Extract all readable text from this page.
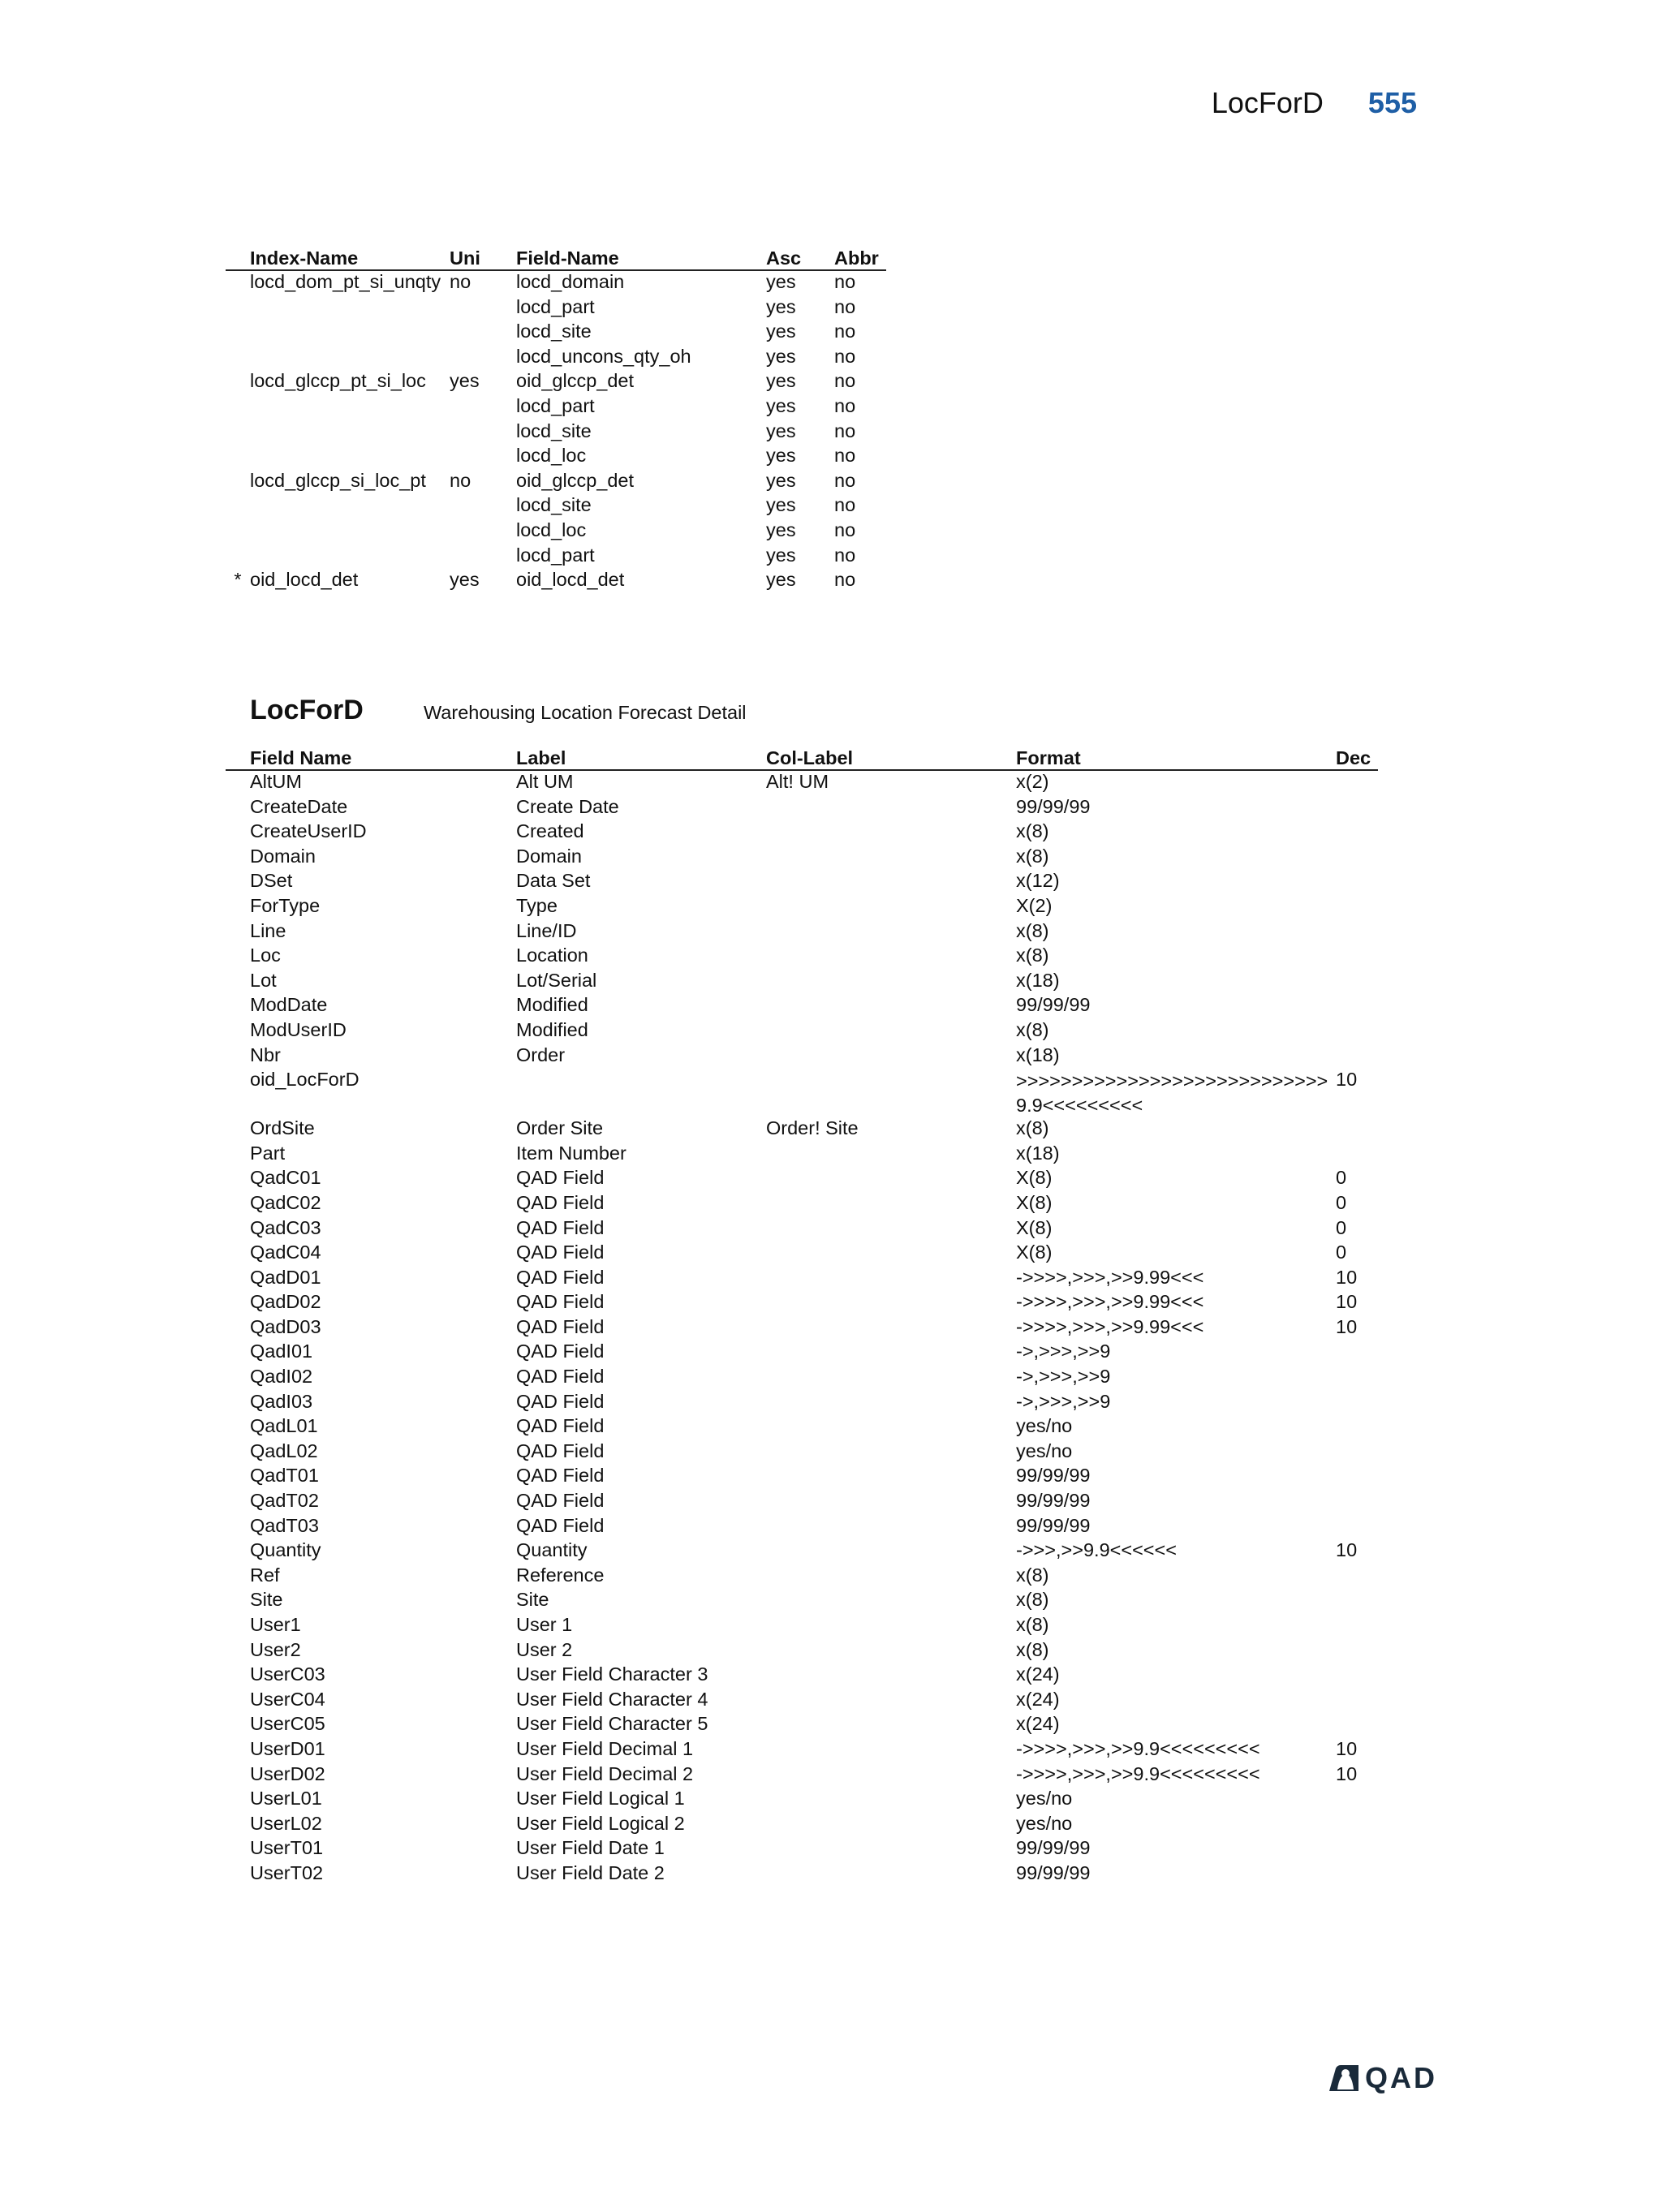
LocForD 555
	Index-Name	Uni	Field-Name	Asc	Abbr
	locd_dom_pt_si_unqty	no	locd_domain	yes	no
			locd_part	yes	no
			locd_site	yes	no
			locd_uncons_qty_oh	yes	no
	locd_glccp_pt_si_loc	yes	oid_glccp_det	yes	no
			locd_part	yes	no
			locd_site	yes	no
			locd_loc	yes	no
	locd_glccp_si_loc_pt	no	oid_glccp_det	yes	no
			locd_site	yes	no
			locd_loc	yes	no
			locd_part	yes	no
*	oid_locd_det	yes	oid_locd_det	yes	no
LocForD	Warehousing Location Forecast Detail
	Field Name	Label	Col-Label	Format	Dec
	AltUM	Alt UM	Alt! UM	x(2)	
	CreateDate	Create Date		99/99/99	
	CreateUserID	Created		x(8)	
	Domain	Domain		x(8)	
	DSet	Data Set		x(12)	
	ForType	Type		X(2)	
	Line	Line/ID		x(8)	
	Loc	Location		x(8)	
	Lot	Lot/Serial		x(18)	
	ModDate	Modified		99/99/99	
	ModUserID	Modified		x(8)	
	Nbr	Order		x(18)	
	oid_LocForD			>>>>>>>>>>>>>>>>>>>>>>>>>>>>9.9<<<<<<<<<	10
	OrdSite	Order Site	Order! Site	x(8)	
	Part	Item Number		x(18)	
	QadC01	QAD Field		X(8)	0
	QadC02	QAD Field		X(8)	0
	QadC03	QAD Field		X(8)	0
	QadC04	QAD Field		X(8)	0
	QadD01	QAD Field		->>>>,>>>,>>9.99<<<	10
	QadD02	QAD Field		->>>>,>>>,>>9.99<<<	10
	QadD03	QAD Field		->>>>,>>>,>>9.99<<<	10
	QadI01	QAD Field		->,>>>,>>9	
	QadI02	QAD Field		->,>>>,>>9	
	QadI03	QAD Field		->,>>>,>>9	
	QadL01	QAD Field		yes/no	
	QadL02	QAD Field		yes/no	
	QadT01	QAD Field		99/99/99	
	QadT02	QAD Field		99/99/99	
	QadT03	QAD Field		99/99/99	
	Quantity	Quantity		->>>,>>9.9<<<<<<	10
	Ref	Reference		x(8)	
	Site	Site		x(8)	
	User1	User 1		x(8)	
	User2	User 2		x(8)	
	UserC03	User Field Character 3		x(24)	
	UserC04	User Field Character 4		x(24)	
	UserC05	User Field Character 5		x(24)	
	UserD01	User Field Decimal 1		->>>>,>>>,>>9.9<<<<<<<<<	10
	UserD02	User Field Decimal 2		->>>>,>>>,>>9.9<<<<<<<<<	10
	UserL01	User Field Logical 1		yes/no	
	UserL02	User Field Logical 2		yes/no	
	UserT01	User Field Date 1		99/99/99	
	UserT02	User Field Date 2		99/99/99	
QAD
